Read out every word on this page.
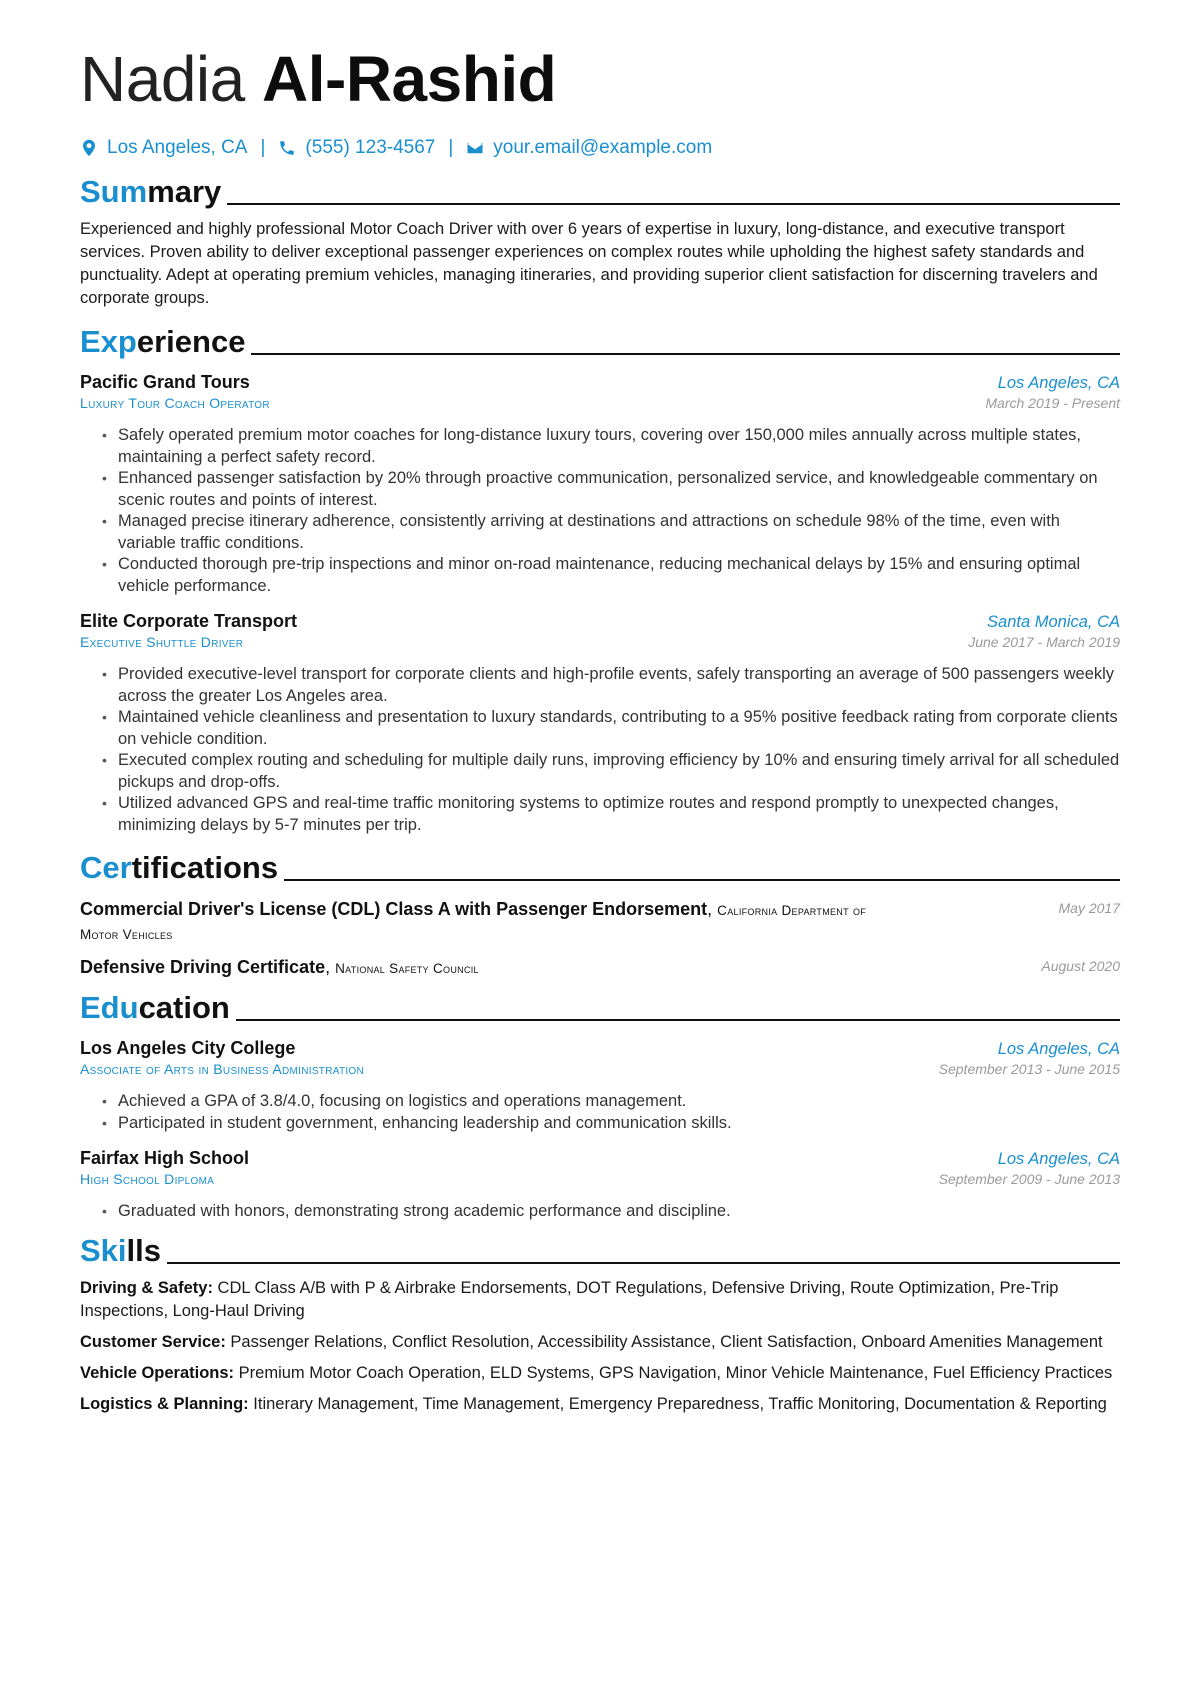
Nadia Al-Rashid
Los Angeles, CA | (555) 123-4567 | your.email@example.com
Summary
Experienced and highly professional Motor Coach Driver with over 6 years of expertise in luxury, long-distance, and executive transport services. Proven ability to deliver exceptional passenger experiences on complex routes while upholding the highest safety standards and punctuality. Adept at operating premium vehicles, managing itineraries, and providing superior client satisfaction for discerning travelers and corporate groups.
Experience
Pacific Grand Tours	Los Angeles, CA
Luxury Tour Coach Operator	March 2019 - Present
• Safely operated premium motor coaches for long-distance luxury tours, covering over 150,000 miles annually across multiple states, maintaining a perfect safety record.
• Enhanced passenger satisfaction by 20% through proactive communication, personalized service, and knowledgeable commentary on scenic routes and points of interest.
• Managed precise itinerary adherence, consistently arriving at destinations and attractions on schedule 98% of the time, even with variable traffic conditions.
• Conducted thorough pre-trip inspections and minor on-road maintenance, reducing mechanical delays by 15% and ensuring optimal vehicle performance.
Elite Corporate Transport	Santa Monica, CA
Executive Shuttle Driver	June 2017 - March 2019
• Provided executive-level transport for corporate clients and high-profile events, safely transporting an average of 500 passengers weekly across the greater Los Angeles area.
• Maintained vehicle cleanliness and presentation to luxury standards, contributing to a 95% positive feedback rating from corporate clients on vehicle condition.
• Executed complex routing and scheduling for multiple daily runs, improving efficiency by 10% and ensuring timely arrival for all scheduled pickups and drop-offs.
• Utilized advanced GPS and real-time traffic monitoring systems to optimize routes and respond promptly to unexpected changes, minimizing delays by 5-7 minutes per trip.
Certifications
Commercial Driver's License (CDL) Class A with Passenger Endorsement, California Department of Motor Vehicles
May 2017
Defensive Driving Certificate, National Safety Council	August 2020
Education
Los Angeles City College	Los Angeles, CA
Associate of Arts in Business Administration	September 2013 - June 2015
• Achieved a GPA of 3.8/4.0, focusing on logistics and operations management.
• Participated in student government, enhancing leadership and communication skills.
Fairfax High School	Los Angeles, CA
High School Diploma	September 2009 - June 2013
• Graduated with honors, demonstrating strong academic performance and discipline.
Skills
Driving & Safety: CDL Class A/B with P & Airbrake Endorsements, DOT Regulations, Defensive Driving, Route Optimization, Pre-Trip Inspections, Long-Haul Driving
Customer Service: Passenger Relations, Conflict Resolution, Accessibility Assistance, Client Satisfaction, Onboard Amenities Management
Vehicle Operations: Premium Motor Coach Operation, ELD Systems, GPS Navigation, Minor Vehicle Maintenance, Fuel Efficiency Practices
Logistics & Planning: Itinerary Management, Time Management, Emergency Preparedness, Traffic Monitoring, Documentation & Reporting
